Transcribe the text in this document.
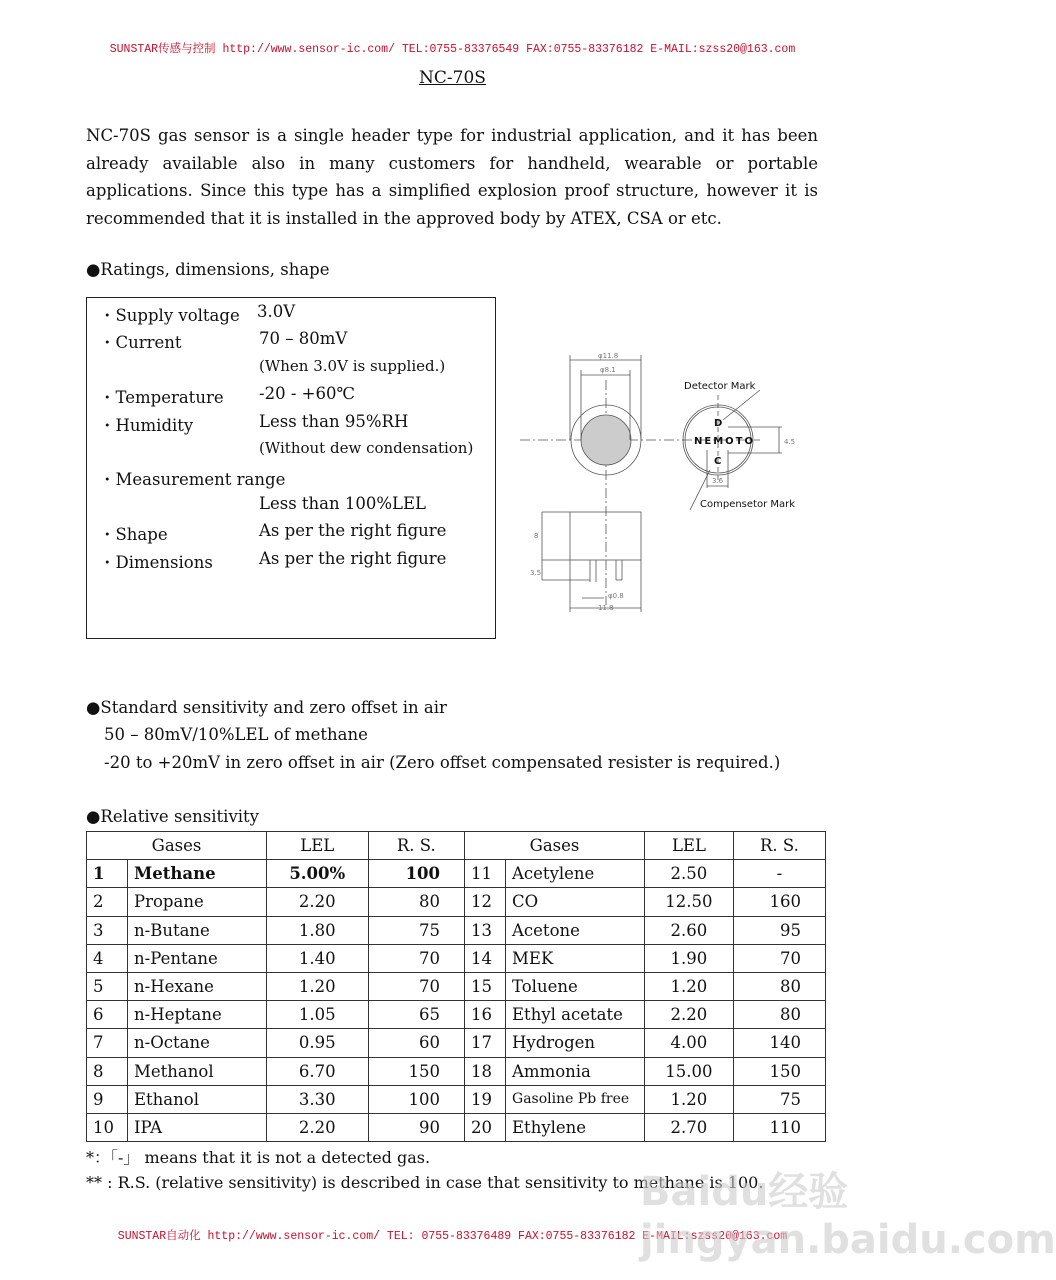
SUNSTAR传感与控制 http://www.sensor-ic.com/ TEL:0755-83376549 FAX:0755-83376182 E-MAIL:szss20@163.com
NC-70S
NC-70S gas sensor is a single header type for industrial application, and it has been already available also in many customers for handheld, wearable or portable applications. Since this type has a simplified explosion proof structure, however it is recommended that it is installed in the approved body by ATEX, CSA or etc.
●Ratings, dimensions, shape
・Supply voltage 3.0V
・Current	70 – 80mV
(When 3.0V is supplied.)
・Temperature -20 - +60℃
・Humidity	Less than 95%RH
(Without dew condensation)
・Measurement range
Less than 100%LEL
・Shape	As per the right figure
・Dimensions	As per the right figure
φ11.8
φ8.1
4.5
3.6
8
3.5
φ0.8
11.8
Detector Mark
Compensetor Mark
NEMOTO
D
C
●Standard sensitivity and zero offset in air
50 – 80mV/10%LEL of methane
-20 to +20mV in zero offset in air (Zero offset compensated resister is required.)
●Relative sensitivity
Gases		LEL	R. S.	Gases		LEL	R. S.
1	Methane	5.00%	100	11	Acetylene	2.50	-
2	Propane	2.20	80	12	CO	12.50	160
3	n-Butane	1.80	75	13	Acetone	2.60	95
4	n-Pentane	1.40	70	14	MEK	1.90	70
5	n-Hexane	1.20	70	15	Toluene	1.20	80
6	n-Heptane	1.05	65	16	Ethyl acetate	2.20	80
7	n-Octane	0.95	60	17	Hydrogen	4.00	140
8	Methanol	6.70	150	18	Ammonia	15.00	150
9	Ethanol	3.30	100	19	Gasoline Pb free	1.20	75
10	IPA	2.20	90	20	Ethylene	2.70	110
*：「-」 means that it is not a detected gas.
** : R.S. (relative sensitivity) is described in case that sensitivity to methane is 100.
SUNSTAR自动化 http://www.sensor-ic.com/ TEL: 0755-83376489 FAX:0755-83376182 E-MAIL:szss20@163.com
Baidu经验 jingyan.baidu.com
